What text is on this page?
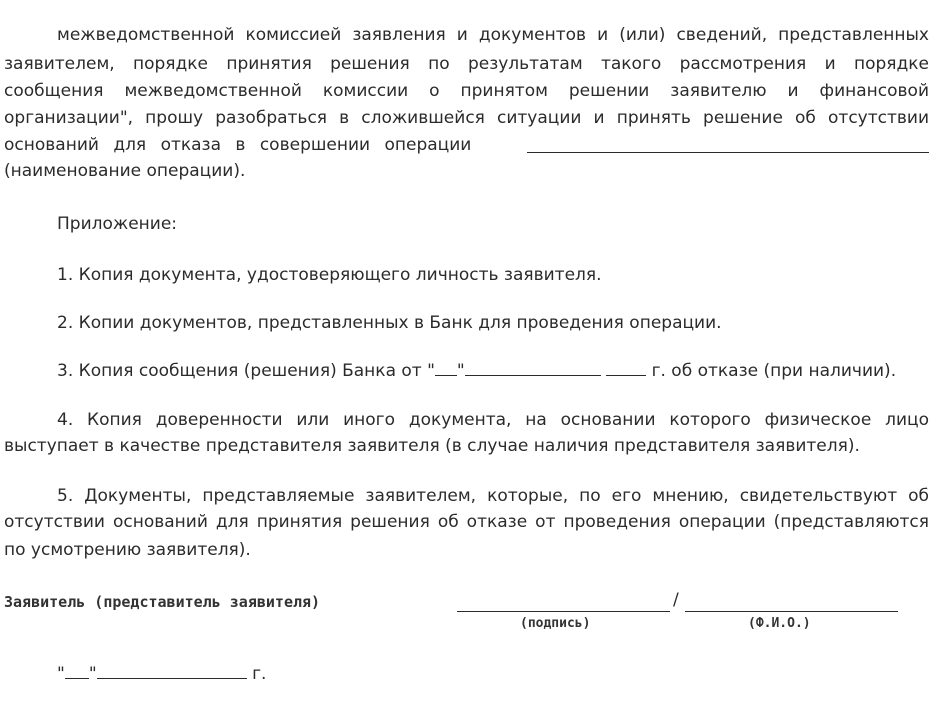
межведомственной комиссией заявления и документов и (или) сведений, представленных
заявителем, порядке принятия решения по результатам такого рассмотрения и порядке
сообщения межведомственной комиссии о принятом решении заявителю и финансовой
организации", прошу разобраться в сложившейся ситуации и принять решение об отсутствии
оснований для отказа в совершении операции
(наименование операции).
Приложение:
1. Копия документа, удостоверяющего личность заявителя.
2. Копии документов, представленных в Банк для проведения операции.
3. Копия сообщения (решения) Банка от " "	г. об отказе (при наличии).
4. Копия доверенности или иного документа, на основании которого физическое лицо
выступает в качестве представителя заявителя (в случае наличия представителя заявителя).
5. Документы, представляемые заявителем, которые, по его мнению, свидетельствуют об
отсутствии оснований для принятия решения об отказе от проведения операции (представляются
по усмотрению заявителя).
Заявитель (представитель заявителя)	/
(подпись)	(Ф.И.О.)
" "	г.
